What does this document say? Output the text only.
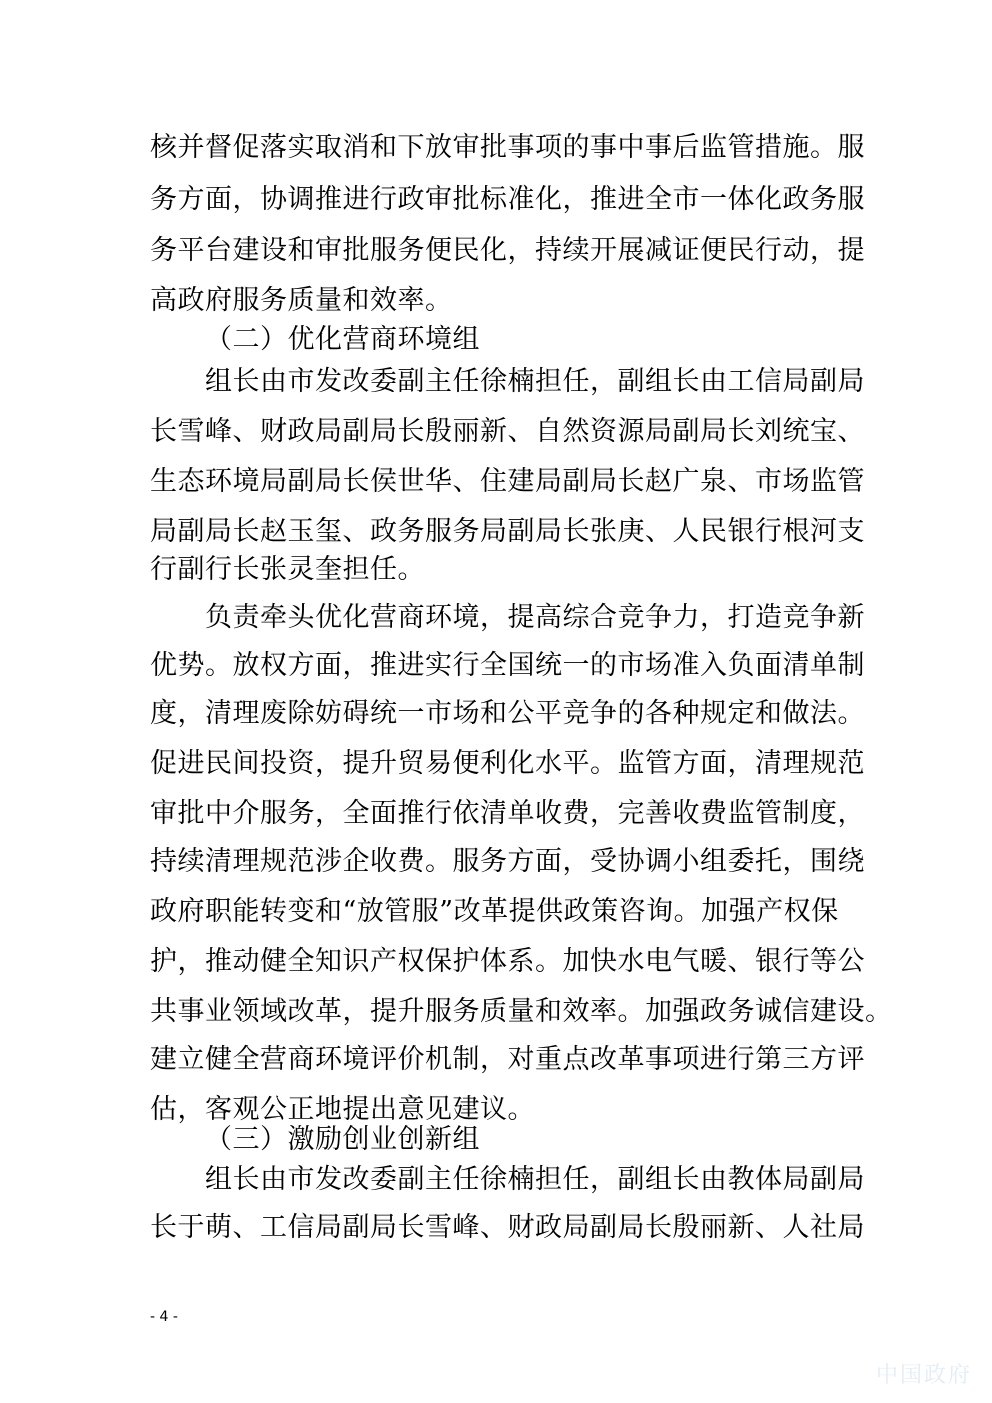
核并督促落实取消和下放审批事项的事中事后监管措施。服
务方面，协调推进行政审批标准化，推进全市一体化政务服
务平台建设和审批服务便民化，持续开展减证便民行动，提
高政府服务质量和效率。
（二）优化营商环境组
组长由市发改委副主任徐楠担任，副组长由工信局副局
长雪峰、财政局副局长殷丽新、自然资源局副局长刘统宝、
生态环境局副局长侯世华、住建局副局长赵广泉、市场监管
局副局长赵玉玺、政务服务局副局长张庚、人民银行根河支
行副行长张灵奎担任。
负责牵头优化营商环境，提高综合竞争力，打造竞争新
优势。放权方面，推进实行全国统一的市场准入负面清单制
度，清理废除妨碍统一市场和公平竞争的各种规定和做法。
促进民间投资，提升贸易便利化水平。监管方面，清理规范
审批中介服务，全面推行依清单收费，完善收费监管制度，
持续清理规范涉企收费。服务方面，受协调小组委托，围绕
政府职能转变和“放管服”改革提供政策咨询。加强产权保
护，推动健全知识产权保护体系。加快水电气暖、银行等公
共事业领域改革，提升服务质量和效率。加强政务诚信建设。
建立健全营商环境评价机制，对重点改革事项进行第三方评
估，客观公正地提出意见建议。
（三）激励创业创新组
组长由市发改委副主任徐楠担任，副组长由教体局副局
长于萌、工信局副局长雪峰、财政局副局长殷丽新、人社局
- 4 -
中国政府
